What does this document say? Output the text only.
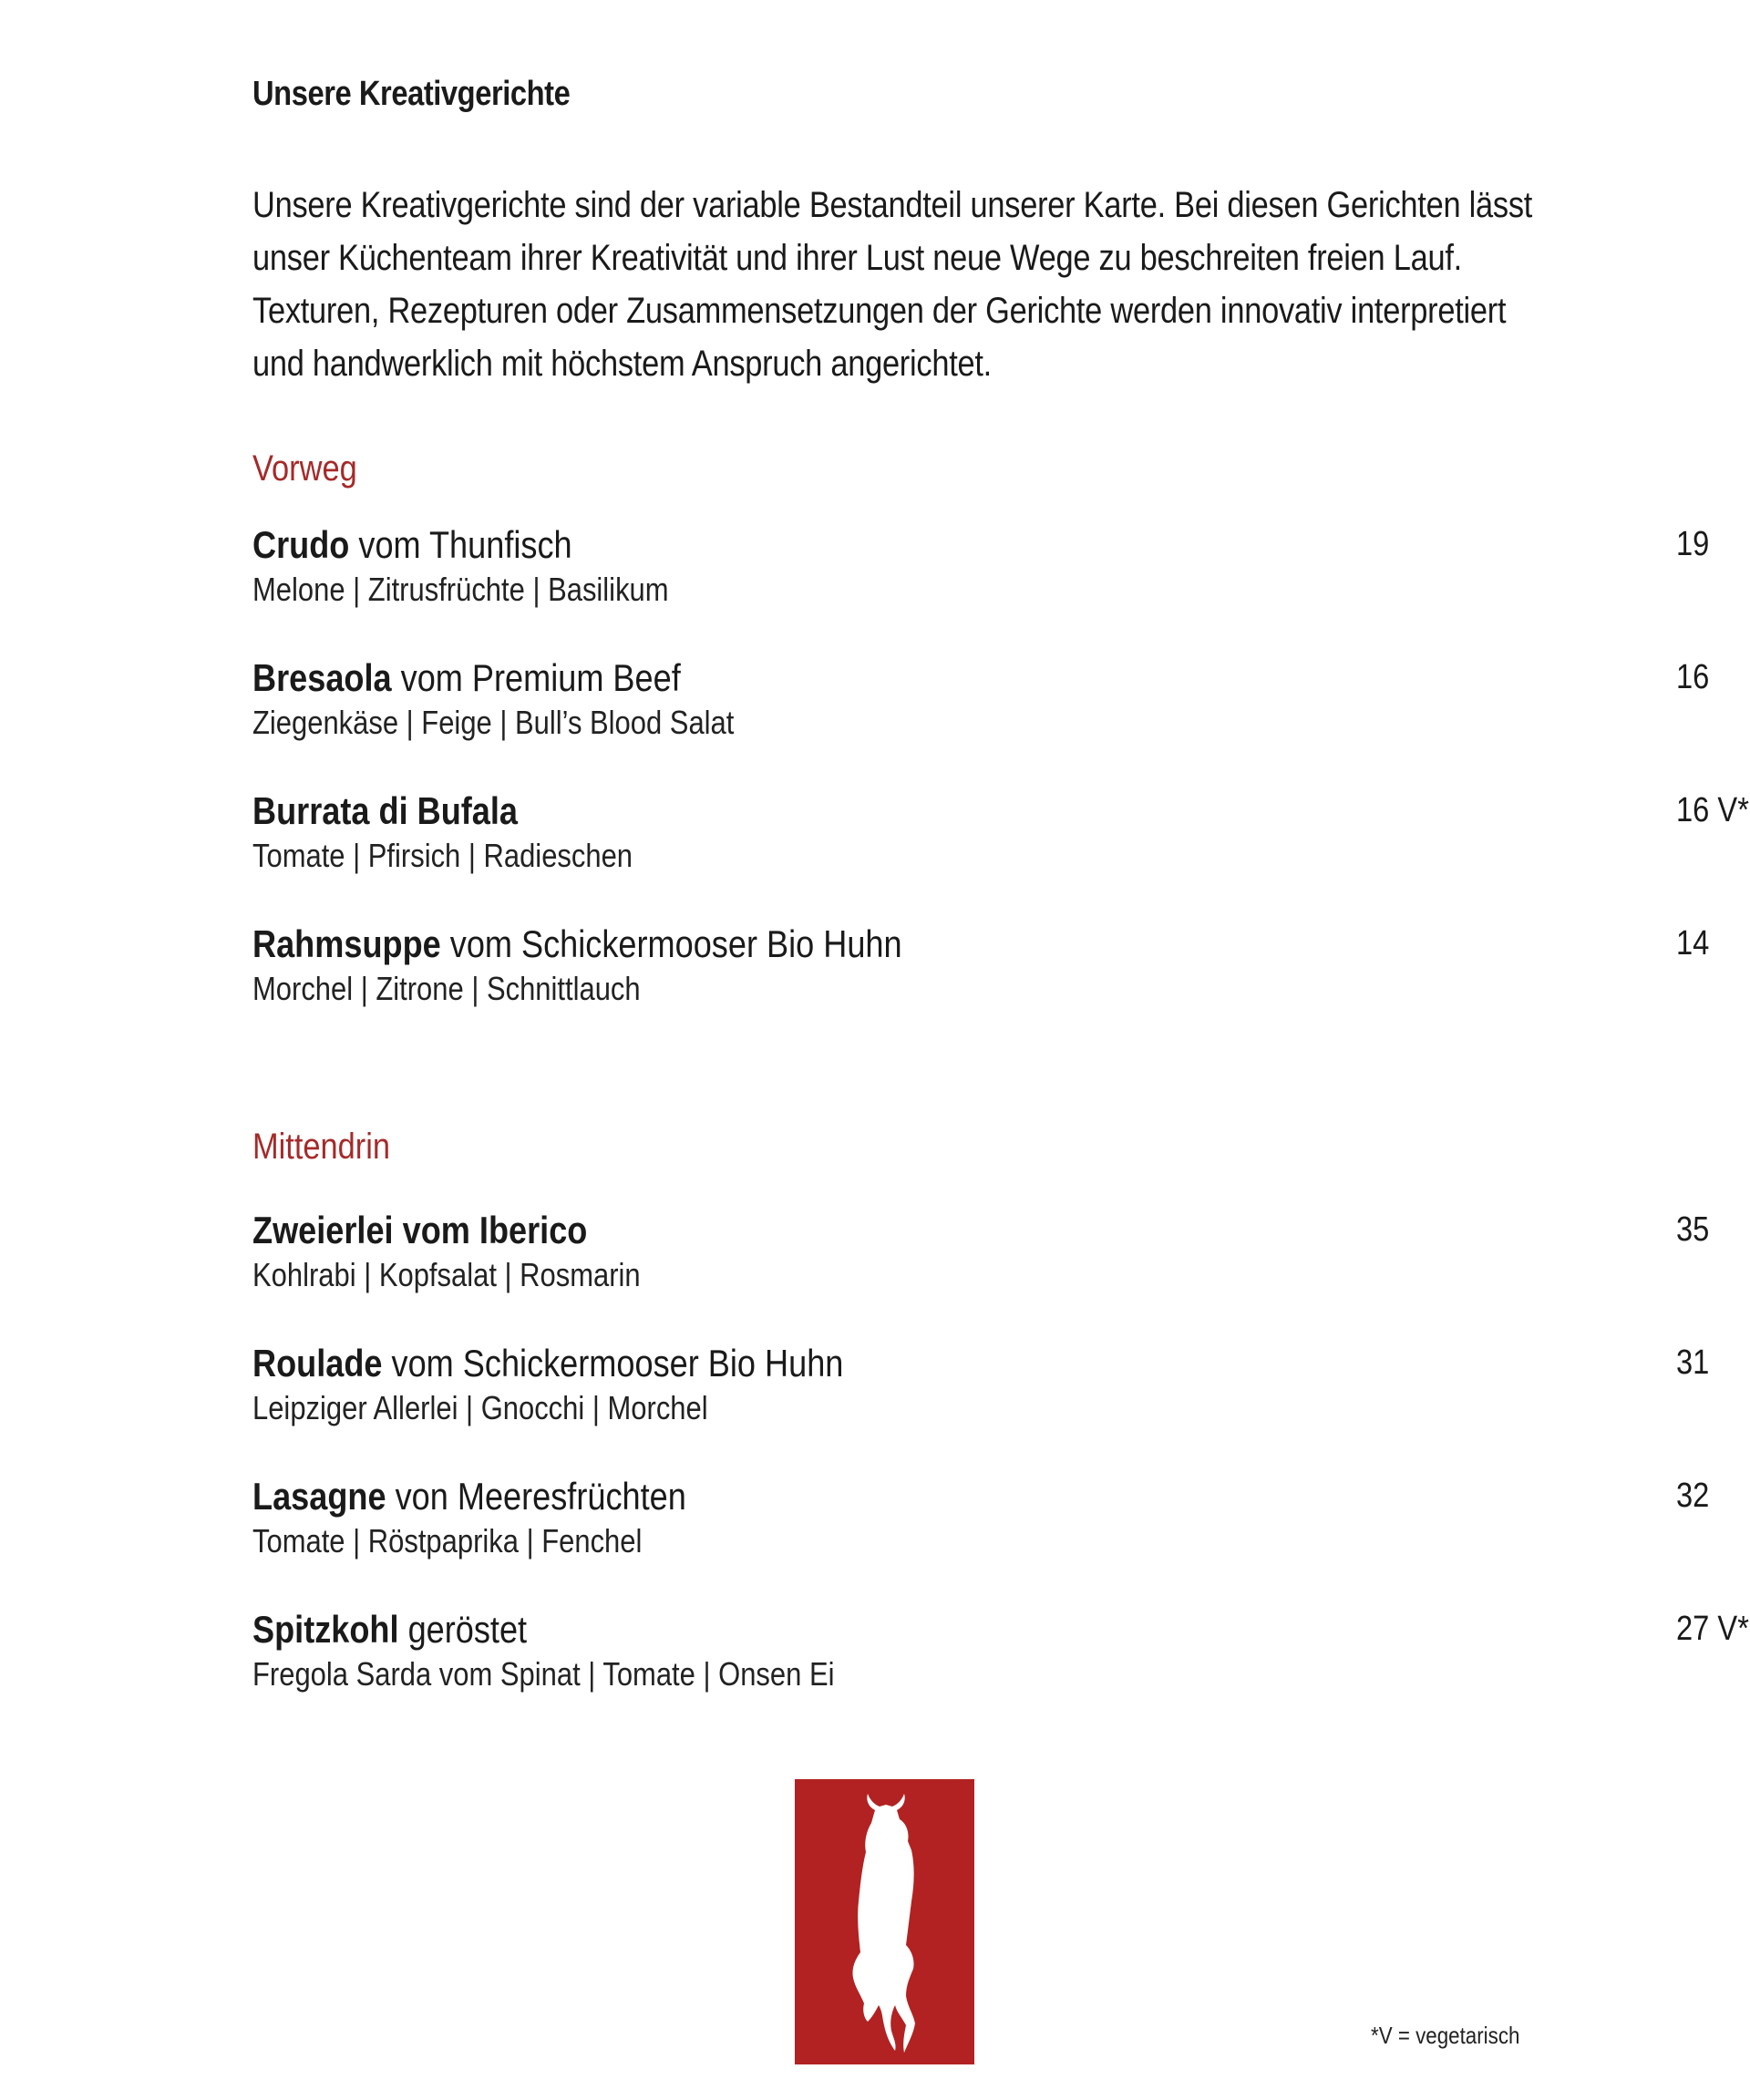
Unsere Kreativgerichte
Unsere Kreativgerichte sind der variable Bestandteil unserer Karte. Bei diesen Gerichten lässt
unser Küchenteam ihrer Kreativität und ihrer Lust neue Wege zu beschreiten freien Lauf.
Texturen, Rezepturen oder Zusammensetzungen der Gerichte werden innovativ interpretiert
und handwerklich mit höchstem Anspruch angerichtet.
Vorweg
Crudo vom Thunfisch
Melone | Zitrusfrüchte | Basilikum
19
Bresaola vom Premium Beef
Ziegenkäse | Feige | Bull’s Blood Salat
16
Burrata di Bufala
Tomate | Pfirsich | Radieschen
16 V*
Rahmsuppe vom Schickermooser Bio Huhn
Morchel | Zitrone | Schnittlauch
14
Mittendrin
Zweierlei vom Iberico
Kohlrabi | Kopfsalat | Rosmarin
35
Roulade vom Schickermooser Bio Huhn
Leipziger Allerlei | Gnocchi | Morchel
31
Lasagne von Meeresfrüchten
Tomate | Röstpaprika | Fenchel
32
Spitzkohl geröstet
Fregola Sarda vom Spinat | Tomate | Onsen Ei
27 V*
*V = vegetarisch
